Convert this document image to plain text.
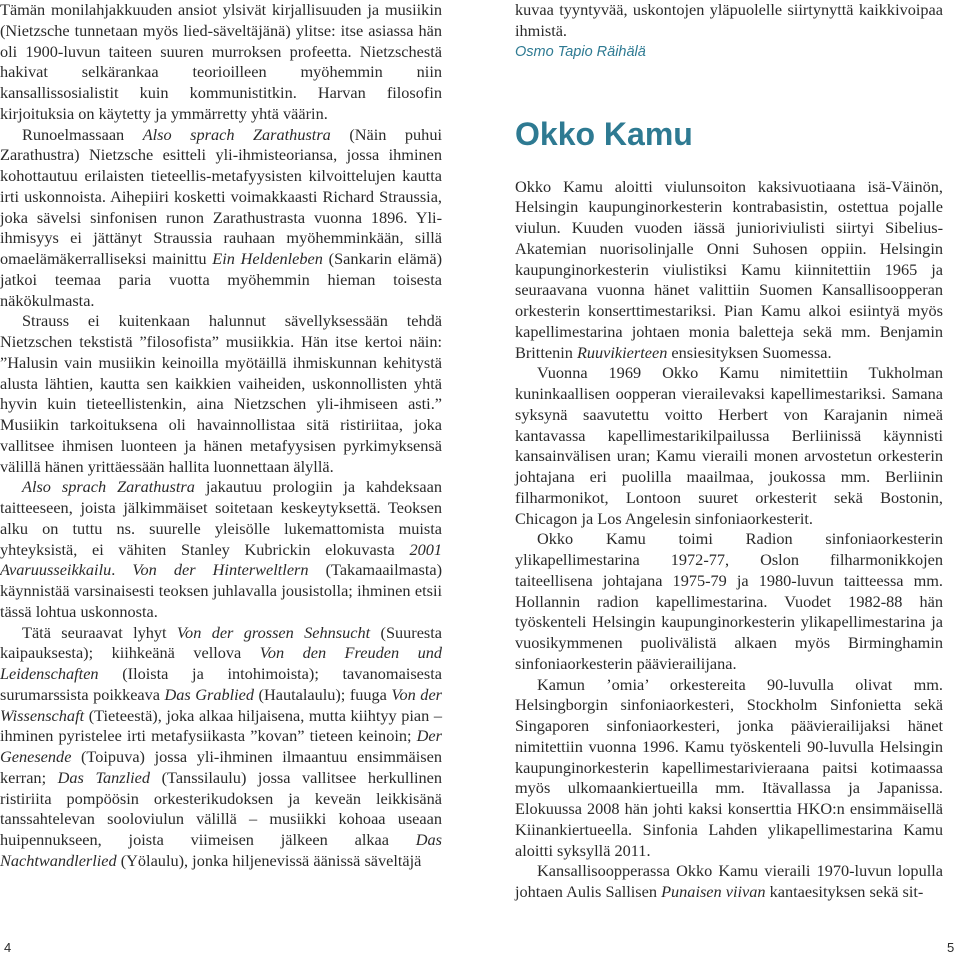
Tämän monilahjakkuuden ansiot ylsivät kirjallisuuden ja musiikin (Nietzsche tunnetaan myös lied-säveltäjänä) ylitse: itse asiassa hän oli 1900-luvun taiteen suuren murroksen profeetta. Nietzschestä hakivat selkärankaa teorioilleen myöhemmin niin kansallissosialistit kuin kommunistitkin. Harvan filosofin kirjoituksia on käytetty ja ymmärretty yhtä väärin.

Runoelmassaan Also sprach Zarathustra (Näin puhui Zarathustra) Nietzsche esitteli yli-ihmisteoriansa, jossa ihminen kohottautuu erilaisten tieteellis-metafyysisten kilvoittelujen kautta irti uskonnoista. Aihepiiri kosketti voimakkaasti Richard Straussia, joka sävelsi sinfonisen runon Zarathustrasta vuonna 1896. Yli-ihmisyys ei jättänyt Straussia rauhaan myöhemminkään, sillä omaelämäkerralliseksi mainittu Ein Heldenleben (Sankarin elämä) jatkoi teemaa paria vuotta myöhemmin hieman toisesta näkökulmasta.

Strauss ei kuitenkaan halunnut sävellyksessään tehdä Nietzschen tekstistä ”filosofista” musiikkia. Hän itse kertoi näin: ”Halusin vain musiikin keinoilla myötäillä ihmiskunnan kehitystä alusta lähtien, kautta sen kaikkien vaiheiden, uskonnollisten yhtä hyvin kuin tieteellistenkin, aina Nietzschen yli-ihmiseen asti.” Musiikin tarkoituksena oli havainnollistaa sitä ristiriitaa, joka vallitsee ihmisen luonteen ja hänen metafyysisen pyrkimyksensä välillä hänen yrittäessään hallita luonnettaan älyllä.

Also sprach Zarathustra jakautuu prologiin ja kahdeksaan taitteeseen, joista jälkimmäiset soitetaan keskeytyksettä. Teoksen alku on tuttu ns. suurelle yleisölle lukemattomista muista yhteyksistä, ei vähiten Stanley Kubrickin elokuvasta 2001 Avaruusseikkailu. Von der Hinterweltlern (Takamaailmasta) käynnistää varsinaisesti teoksen juhlavalla jousistolla; ihminen etsii tässä lohtua uskonnosta.

Tätä seuraavat lyhyt Von der grossen Sehnsucht (Suuresta kaipauksesta); kiihkeänä vellova Von den Freuden und Leidenschaften (Iloista ja intohimoista); tavanomaisesta surumarssista poikkeava Das Grablied (Hautalaulu); fuuga Von der Wissenschaft (Tieteestä), joka alkaa hiljaisena, mutta kiihtyy pian – ihminen pyristelee irti metafysiikasta ”kovan” tieteen keinoin; Der Genesende (Toipuva) jossa yli-ihminen ilmaantuu ensimmäisen kerran; Das Tanzlied (Tanssilaulu) jossa vallitsee herkullinen ristiriita pompöösin orkesterikudoksen ja keveän leikkisänä tanssahtelevan sooloviulun välillä – musiikki kohoaa useaan huipennukseen, joista viimeisen jälkeen alkaa Das Nachtwandlerlied (Yölaulu), jonka hiljenevissä äänissä säveltäjä

kuvaa tyyntyvää, uskontojen yläpuolelle siirtynyttä kaikkivoipaa ihmistä.

Osmo Tapio Räihälä
Okko Kamu

Okko Kamu aloitti viulunsoiton kaksivuotiaana isä-Väinön, Helsingin kaupunginorkesterin kontrabasistin, ostettua pojalle viulun. Kuuden vuoden iässä junioriviulisti siirtyi Sibelius-Akatemian nuorisolinjalle Onni Suhosen oppiin. Helsingin kaupunginorkesterin viulistiksi Kamu kiinnitettiin 1965 ja seuraavana vuonna hänet valittiin Suomen Kansallisoopperan orkesterin konserttimestariksi. Pian Kamu alkoi esiintyä myös kapellimestarina johtaen monia baletteja sekä mm. Benjamin Brittenin Ruuvikierteen ensiesityksen Suomessa.

Vuonna 1969 Okko Kamu nimitettiin Tukholman kuninkaallisen oopperan vierailevaksi kapellimestariksi. Samana syksynä saavutettu voitto Herbert von Karajanin nimeä kantavassa kapellimestarikilpailussa Berliinissä käynnisti kansainvälisen uran; Kamu vieraili monen arvostetun orkesterin johtajana eri puolilla maailmaa, joukossa mm. Berliinin filharmonikot, Lontoon suuret orkesterit sekä Bostonin, Chicagon ja Los Angelesin sinfoniaorkesterit.

Okko Kamu toimi Radion sinfoniaorkesterin ylikapellimestarina 1972-77, Oslon filharmonikkojen taiteellisena johtajana 1975-79 ja 1980-luvun taitteessa mm. Hollannin radion kapellimestarina. Vuodet 1982-88 hän työskenteli Helsingin kaupunginorkesterin ylikapellimestarina ja vuosikymmenen puolivälistä alkaen myös Birminghamin sinfoniaorkesterin päävierailijana.

Kamun ’omia’ orkestereita 90-luvulla olivat mm. Helsingborgin sinfoniaorkesteri, Stockholm Sinfonietta sekä Singaporen sinfoniaorkesteri, jonka päävierailijaksi hänet nimitettiin vuonna 1996. Kamu työskenteli 90-luvulla Helsingin kaupunginorkesterin kapellimestarivieraana paitsi kotimaassa myös ulkomaankiertueilla mm. Itävallassa ja Japanissa. Elokuussa 2008 hän johti kaksi konserttia HKO:n ensimmäisellä Kiinankiertueella. Sinfonia Lahden ylikapellimestarina Kamu aloitti syksyllä 2011.

Kansallisoopperassa Okko Kamu vieraili 1970-luvun lopulla johtaen Aulis Sallisen Punaisen viivan kantaesityksen sekä sit-

4	5
